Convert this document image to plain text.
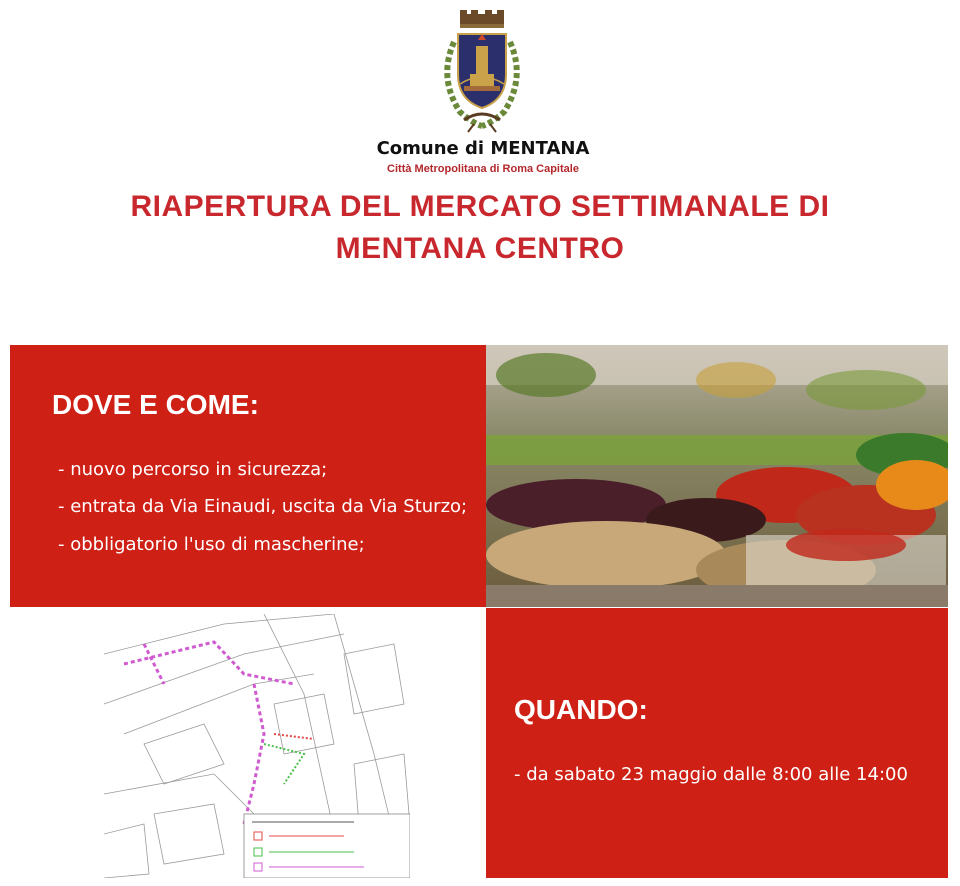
Comune di MENTANA
Città Metropolitana di Roma Capitale
RIAPERTURA DEL MERCATO SETTIMANALE DI
MENTANA CENTRO
DOVE E COME:
- nuovo percorso in sicurezza;
- entrata da Via Einaudi, uscita da Via Sturzo;
- obbligatorio l'uso di mascherine;
QUANDO:
- da sabato 23 maggio dalle 8:00 alle 14:00
